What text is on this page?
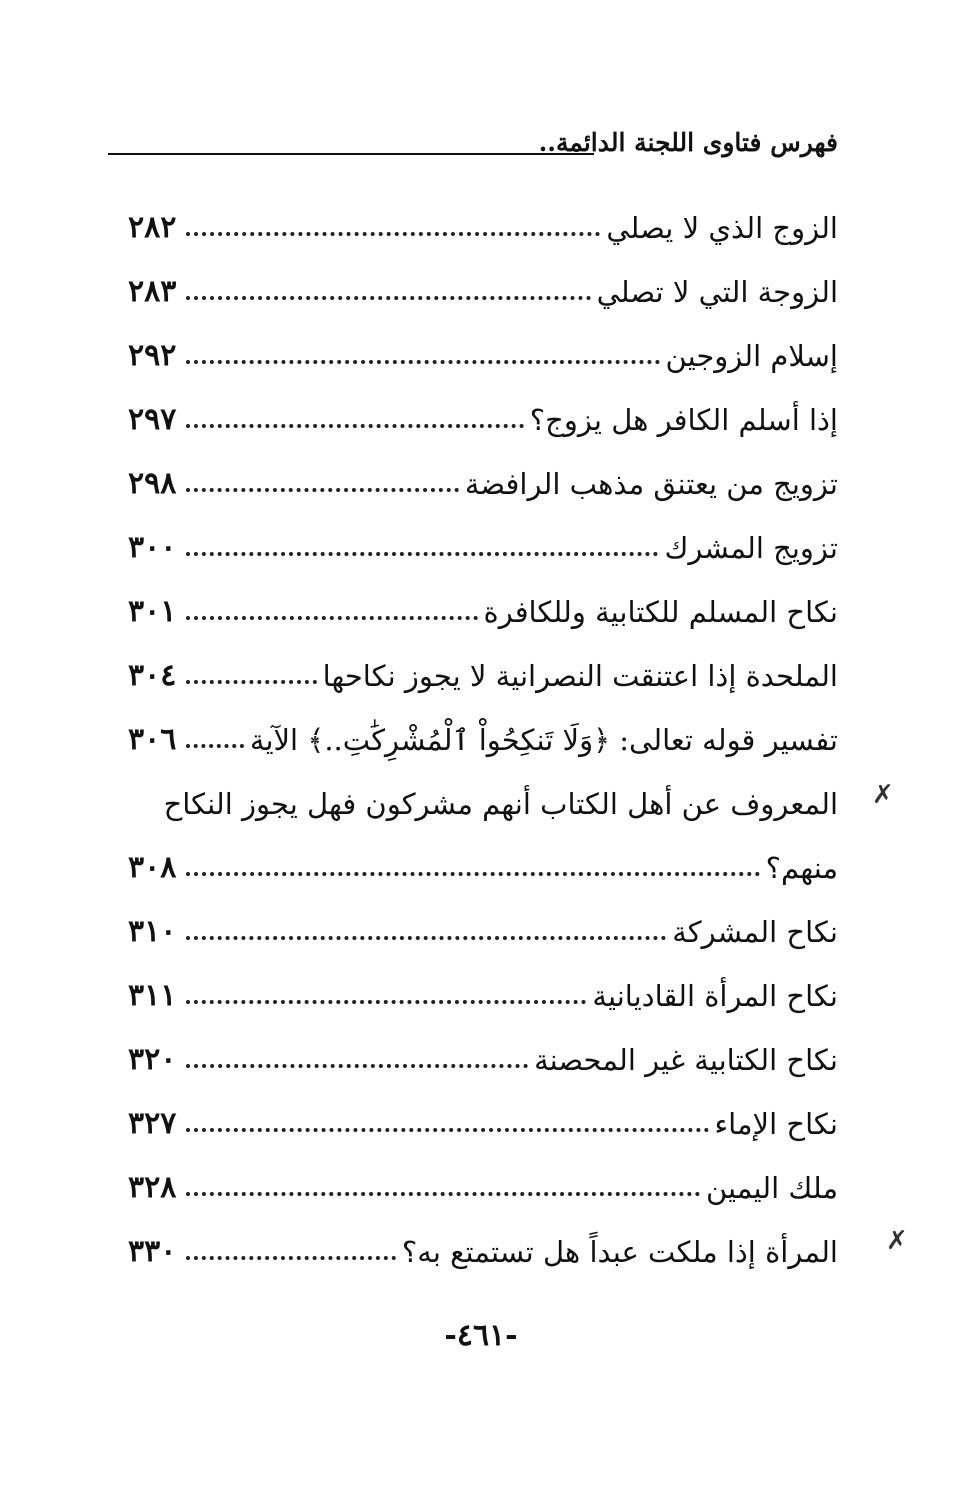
فهرس فتاوى اللجنة الدائمة..
الزوج الذي لا يصلي
٢٨٢
الزوجة التي لا تصلي
٢٨٣
إسلام الزوجين
٢٩٢
إذا أسلم الكافر هل يزوج؟
٢٩٧
تزويج من يعتنق مذهب الرافضة
٢٩٨
تزويج المشرك
٣٠٠
نكاح المسلم للكتابية وللكافرة
٣٠١
الملحدة إذا اعتنقت النصرانية لا يجوز نكاحها
٣٠٤
تفسير قوله تعالى: ﴿وَلَا تَنكِحُواْ ٱلْمُشْرِكَٰتِ..﴾ الآية
٣٠٦
المعروف عن أهل الكتاب أنهم مشركون فهل يجوز النكاح
منهم؟
٣٠٨
نكاح المشركة
٣١٠
نكاح المرأة القاديانية
٣١١
نكاح الكتابية غير المحصنة
٣٢٠
نكاح الإماء
٣٢٧
ملك اليمين
٣٢٨
المرأة إذا ملكت عبداً هل تستمتع به؟
٣٣٠
✗
✗
-٤٦١-
